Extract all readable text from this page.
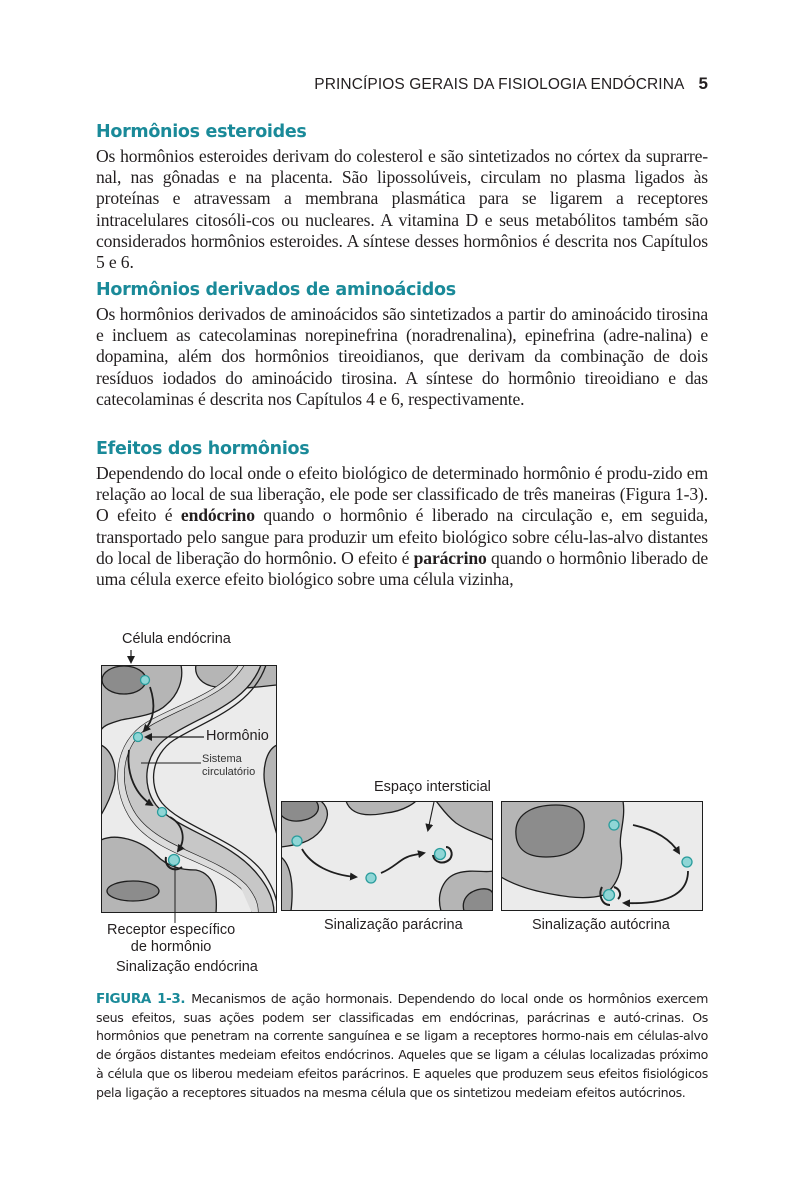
PRINCÍPIOS GERAIS DA FISIOLOGIA ENDÓCRINA 5
Hormônios esteroides

Os hormônios esteroides derivam do colesterol e são sintetizados no córtex da suprarre-nal, nas gônadas e na placenta. São lipossolúveis, circulam no plasma ligados às proteínas e atravessam a membrana plasmática para se ligarem a receptores intracelulares citosóli-cos ou nucleares. A vitamina D e seus metabólitos também são considerados hormônios esteroides. A síntese desses hormônios é descrita nos Capítulos 5 e 6.

Hormônios derivados de aminoácidos

Os hormônios derivados de aminoácidos são sintetizados a partir do aminoácido tirosina e incluem as catecolaminas norepinefrina (noradrenalina), epinefrina (adre-nalina) e dopamina, além dos hormônios tireoidianos, que derivam da combinação de dois resíduos iodados do aminoácido tirosina. A síntese do hormônio tireoidiano e das catecolaminas é descrita nos Capítulos 4 e 6, respectivamente.

Efeitos dos hormônios

Dependendo do local onde o efeito biológico de determinado hormônio é produ-zido em relação ao local de sua liberação, ele pode ser classificado de três maneiras (Figura 1-3). O efeito é endócrino quando o hormônio é liberado na circulação e, em seguida, transportado pelo sangue para produzir um efeito biológico sobre célu-las-alvo distantes do local de liberação do hormônio. O efeito é parácrino quando o hormônio liberado de uma célula exerce efeito biológico sobre uma célula vizinha,

Célula endócrina
Hormônio
Sistema
circulatório
Espaço intersticial
Receptor específico
de hormônio
Sinalização endócrina
Sinalização parácrina	Sinalização autócrina
FIGURA 1-3. Mecanismos de ação hormonais. Dependendo do local onde os hormônios exercem seus efeitos, suas ações podem ser classificadas em endócrinas, parácrinas e autó-crinas. Os hormônios que penetram na corrente sanguínea e se ligam a receptores hormo-nais em células-alvo de órgãos distantes medeiam efeitos endócrinos. Aqueles que se ligam a células localizadas próximo à célula que os liberou medeiam efeitos parácrinos. E aqueles que produzem seus efeitos fisiológicos pela ligação a receptores situados na mesma célula que os sintetizou medeiam efeitos autócrinos.
